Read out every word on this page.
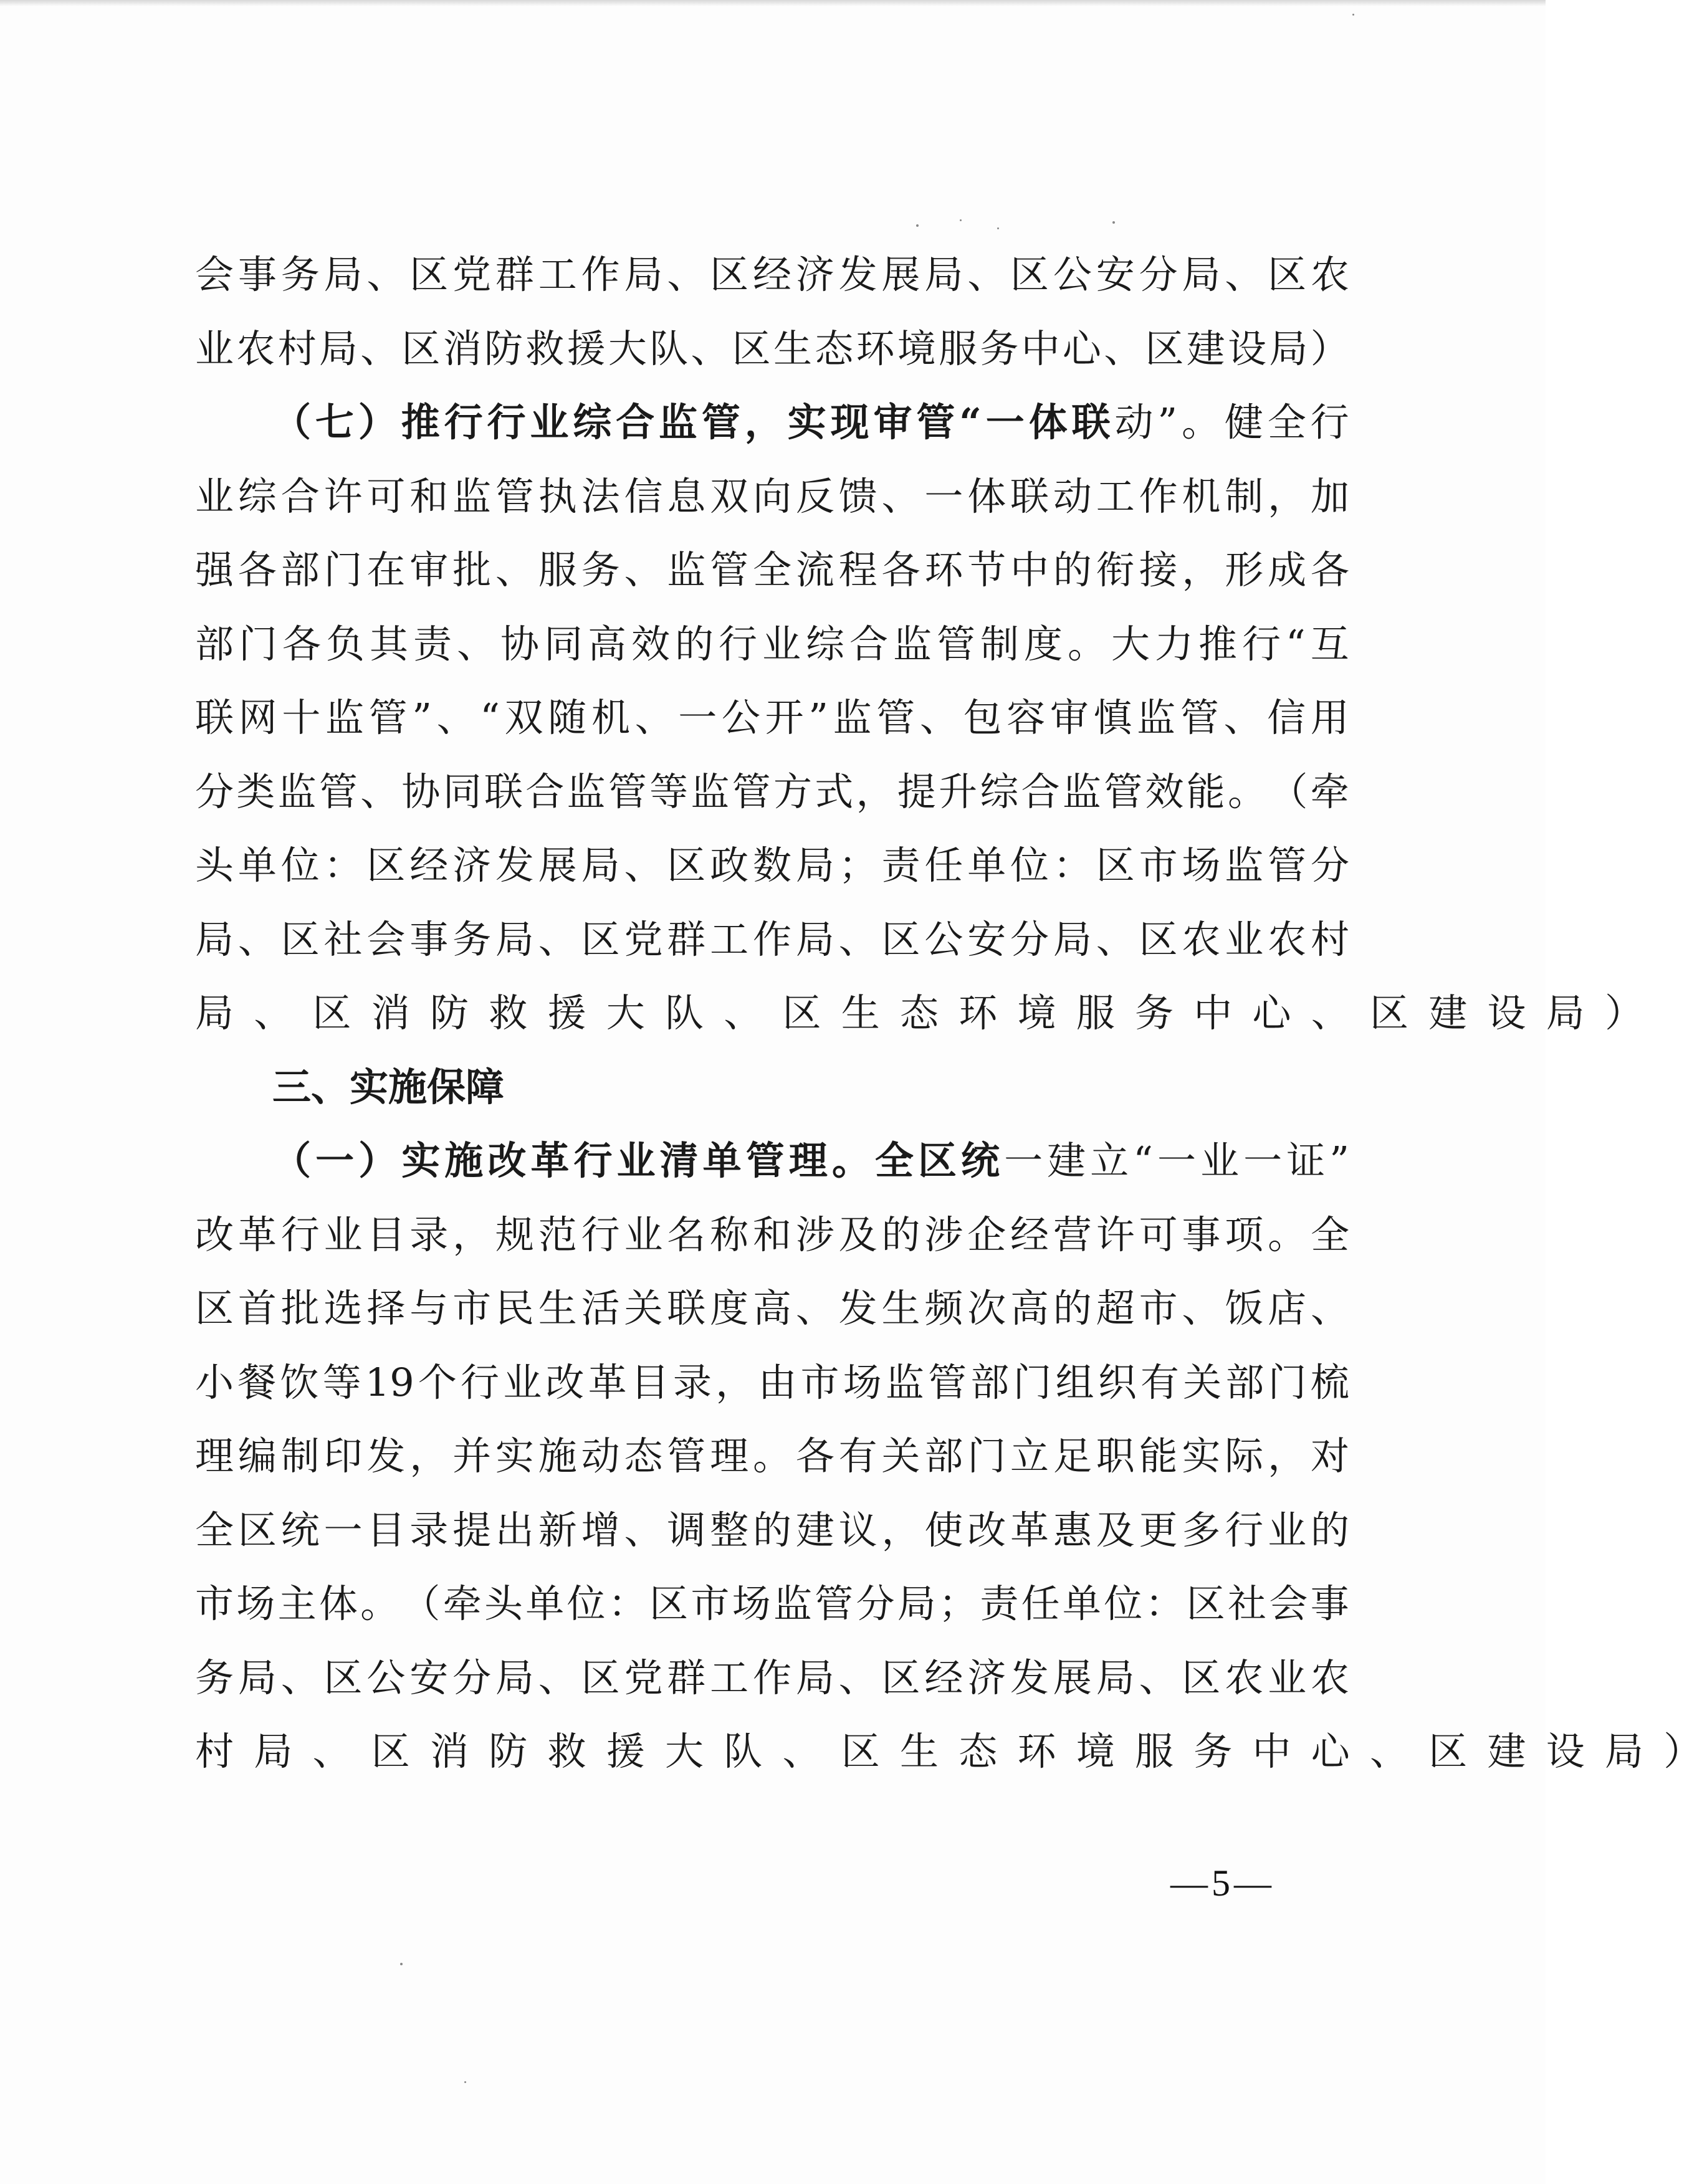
会 事 务 局 、 区 党 群 工 作 局 、 区 经 济 发 展 局 、 区 公 安 分 局 、 区 农
业 农 村 局 、 区 消 防 救 援 大 队 、 区 生 态 环 境 服 务 中 心 、 区 建 设 局 ）
（ 七 ） 推 行 行 业 综 合 监 管 ， 实 现 审 管 “ 一 体 联 动 ” 。 健 全 行
业 综 合 许 可 和 监 管 执 法 信 息 双 向 反 馈 、 一 体 联 动 工 作 机 制 ， 加
强 各 部 门 在 审 批 、 服 务 、 监 管 全 流 程 各 环 节 中 的 衔 接 ， 形 成 各
部 门 各 负 其 责 、 协 同 高 效 的 行 业 综 合 监 管 制 度 。 大 力 推 行 “ 互
联 网 十 监 管 ” 、 “ 双 随 机 、 一 公 开 ” 监 管 、 包 容 审 慎 监 管 、 信 用
分 类 监 管 、 协 同 联 合 监 管 等 监 管 方 式 ， 提 升 综 合 监 管 效 能 。 （ 牵
头 单 位 ： 区 经 济 发 展 局 、 区 政 数 局 ； 责 任 单 位 ： 区 市 场 监 管 分
局 、 区 社 会 事 务 局 、 区 党 群 工 作 局 、 区 公 安 分 局 、 区 农 业 农 村
局 、 区 消 防 救 援 大 队 、 区 生 态 环 境 服 务 中 心 、 区 建 设 局 ）
三、实施保障
（ 一 ） 实 施 改 革 行 业 清 单 管 理 。 全 区 统 一 建 立 “ 一 业 一 证 ”
改 革 行 业 目 录 ， 规 范 行 业 名 称 和 涉 及 的 涉 企 经 营 许 可 事 项 。 全
区 首 批 选 择 与 市 民 生 活 关 联 度 高 、 发 生 频 次 高 的 超 市 、 饭 店 、
小 餐 饮 等 19 个 行 业 改 革 目 录 ， 由 市 场 监 管 部 门 组 织 有 关 部 门 梳
理 编 制 印 发 ， 并 实 施 动 态 管 理 。 各 有 关 部 门 立 足 职 能 实 际 ， 对
全 区 统 一 目 录 提 出 新 增 、 调 整 的 建 议 ， 使 改 革 惠 及 更 多 行 业 的
市 场 主 体 。 （ 牵 头 单 位 ： 区 市 场 监 管 分 局 ； 责 任 单 位 ： 区 社 会 事
务 局 、 区 公 安 分 局 、 区 党 群 工 作 局 、 区 经 济 发 展 局 、 区 农 业 农
村 局 、 区 消 防 救 援 大 队 、 区 生 态 环 境 服 务 中 心 、 区 建 设 局 ）
—5—
